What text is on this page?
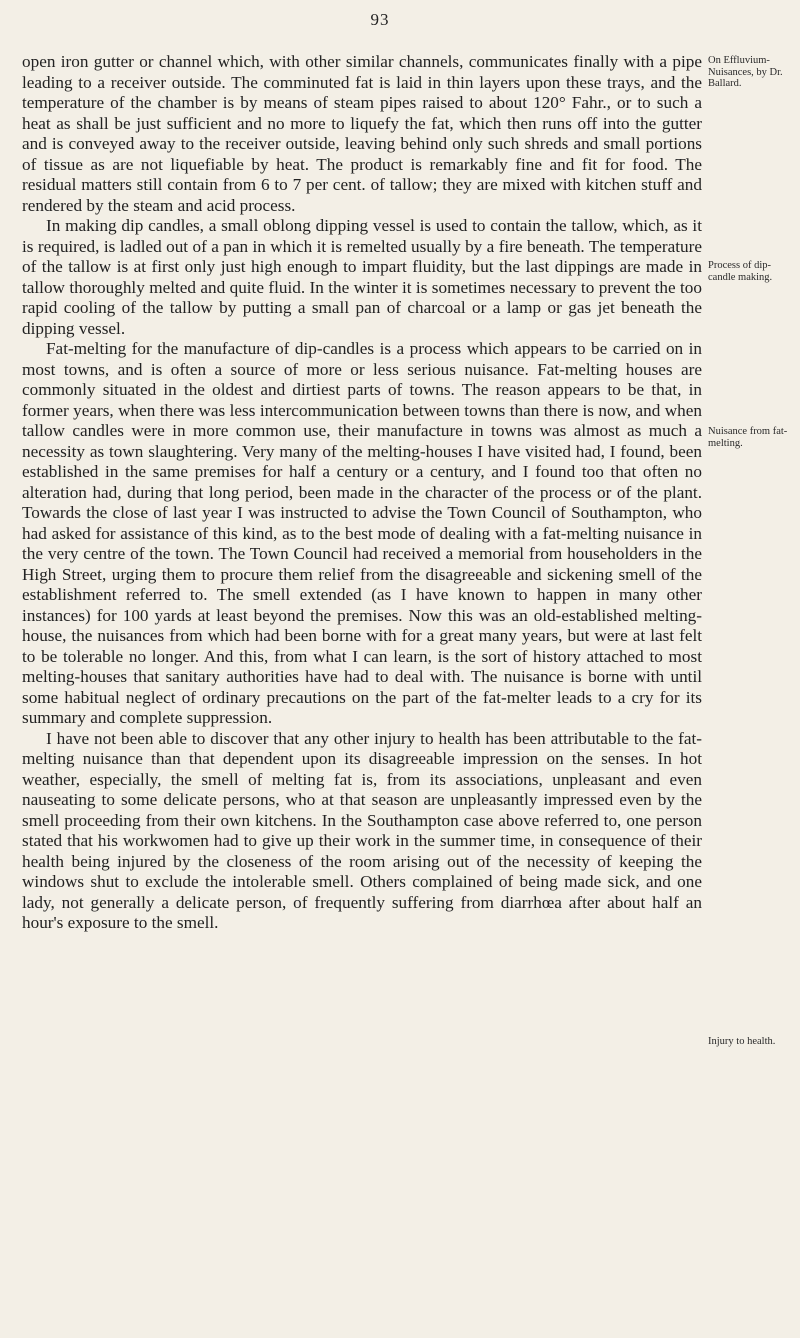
93

open iron gutter or channel which, with other similar channels, communicates finally with a pipe leading to a receiver outside. The comminuted fat is laid in thin layers upon these trays, and the temperature of the chamber is by means of steam pipes raised to about 120° Fahr., or to such a heat as shall be just sufficient and no more to liquefy the fat, which then runs off into the gutter and is conveyed away to the receiver outside, leaving behind only such shreds and small portions of tissue as are not liquefiable by heat. The product is remarkably fine and fit for food. The residual matters still contain from 6 to 7 per cent. of tallow; they are mixed with kitchen stuff and rendered by the steam and acid process.

In making dip candles, a small oblong dipping vessel is used to contain the tallow, which, as it is required, is ladled out of a pan in which it is remelted usually by a fire beneath. The temperature of the tallow is at first only just high enough to impart fluidity, but the last dippings are made in tallow thoroughly melted and quite fluid. In the winter it is sometimes necessary to prevent the too rapid cooling of the tallow by putting a small pan of charcoal or a lamp or gas jet beneath the dipping vessel.

Fat-melting for the manufacture of dip-candles is a process which appears to be carried on in most towns, and is often a source of more or less serious nuisance. Fat-melting houses are commonly situated in the oldest and dirtiest parts of towns. The reason appears to be that, in former years, when there was less intercommunication between towns than there is now, and when tallow candles were in more common use, their manufacture in towns was almost as much a necessity as town slaughtering. Very many of the melting-houses I have visited had, I found, been established in the same premises for half a century or a century, and I found too that often no alteration had, during that long period, been made in the character of the process or of the plant. Towards the close of last year I was instructed to advise the Town Council of Southampton, who had asked for assistance of this kind, as to the best mode of dealing with a fat-melting nuisance in the very centre of the town. The Town Council had received a memorial from householders in the High Street, urging them to procure them relief from the disagreeable and sickening smell of the establishment referred to. The smell extended (as I have known to happen in many other instances) for 100 yards at least beyond the premises. Now this was an old-established melting-house, the nuisances from which had been borne with for a great many years, but were at last felt to be tolerable no longer. And this, from what I can learn, is the sort of history attached to most melting-houses that sanitary authorities have had to deal with. The nuisance is borne with until some habitual neglect of ordinary precautions on the part of the fat-melter leads to a cry for its summary and complete suppression.

I have not been able to discover that any other injury to health has been attributable to the fat-melting nuisance than that dependent upon its disagreeable impression on the senses. In hot weather, especially, the smell of melting fat is, from its associations, unpleasant and even nauseating to some delicate persons, who at that season are unpleasantly impressed even by the smell proceeding from their own kitchens. In the Southampton case above referred to, one person stated that his workwomen had to give up their work in the summer time, in consequence of their health being injured by the closeness of the room arising out of the necessity of keeping the windows shut to exclude the intolerable smell. Others complained of being made sick, and one lady, not generally a delicate person, of frequently suffering from diarrhœa after about half an hour's exposure to the smell.

On Effluvium-Nuisances, by Dr. Ballard.
Process of dip-candle making.
Nuisance from fat-melting.
Injury to health.
